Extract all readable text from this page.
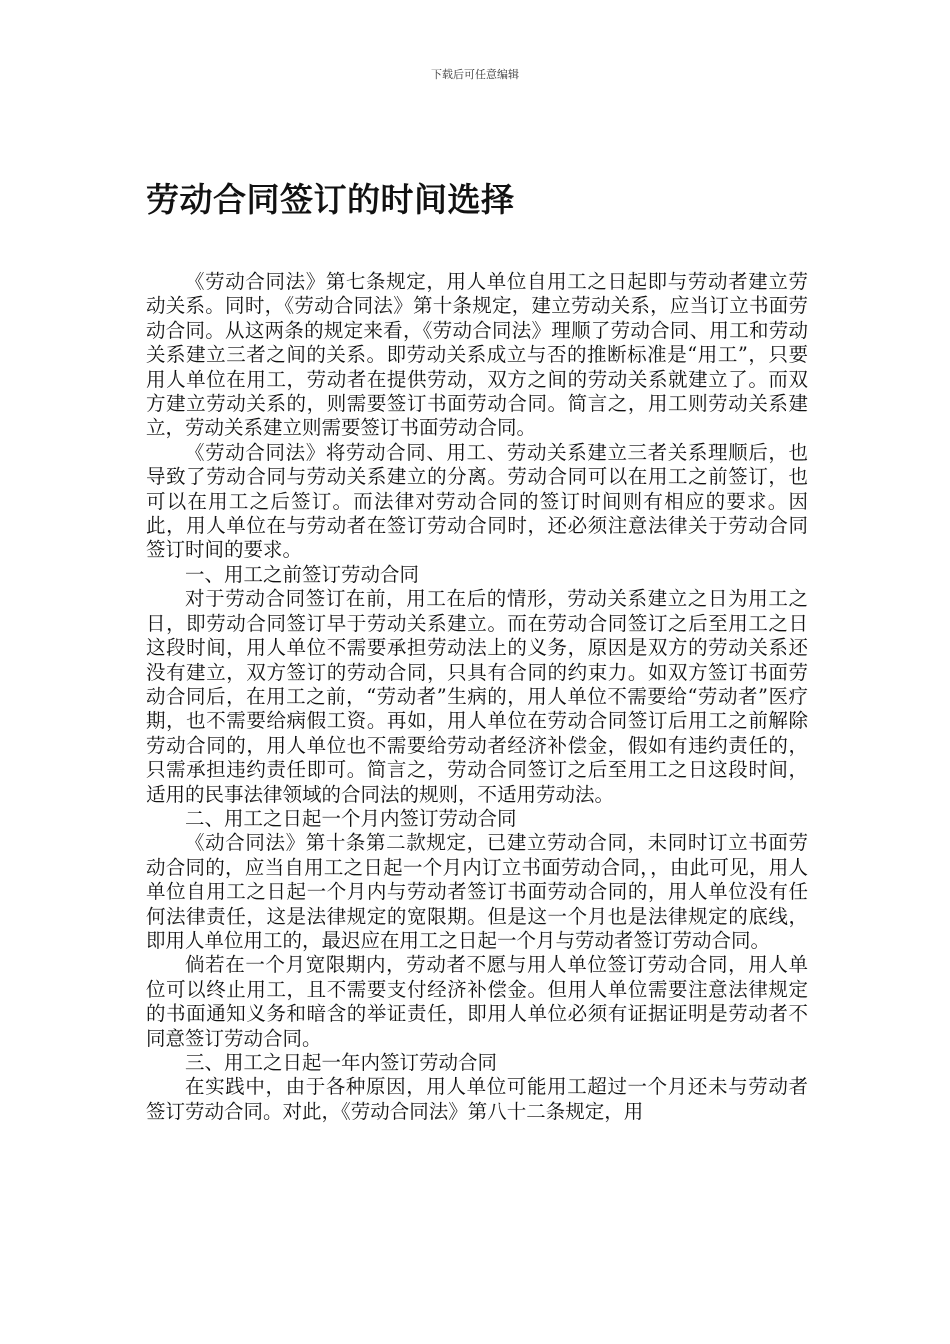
下载后可任意编辑
劳动合同签订的时间选择

《劳动合同法》第七条规定，用人单位自用工之日起即与劳动者建立劳动关系。同时，《劳动合同法》第十条规定，建立劳动关系，应当订立书面劳动合同。从这两条的规定来看，《劳动合同法》理顺了劳动合同、用工和劳动关系建立三者之间的关系。即劳动关系成立与否的推断标准是“用工”，只要用人单位在用工，劳动者在提供劳动，双方之间的劳动关系就建立了。而双方建立劳动关系的，则需要签订书面劳动合同。简言之，用工则劳动关系建立，劳动关系建立则需要签订书面劳动合同。

《劳动合同法》将劳动合同、用工、劳动关系建立三者关系理顺后，也导致了劳动合同与劳动关系建立的分离。劳动合同可以在用工之前签订，也可以在用工之后签订。而法律对劳动合同的签订时间则有相应的要求。因此，用人单位在与劳动者在签订劳动合同时，还必须注意法律关于劳动合同签订时间的要求。

一、用工之前签订劳动合同

对于劳动合同签订在前，用工在后的情形，劳动关系建立之日为用工之日，即劳动合同签订早于劳动关系建立。而在劳动合同签订之后至用工之日这段时间，用人单位不需要承担劳动法上的义务，原因是双方的劳动关系还没有建立，双方签订的劳动合同，只具有合同的约束力。如双方签订书面劳动合同后，在用工之前，“劳动者”生病的，用人单位不需要给“劳动者”医疗期，也不需要给病假工资。再如，用人单位在劳动合同签订后用工之前解除劳动合同的，用人单位也不需要给劳动者经济补偿金，假如有违约责任的，只需承担违约责任即可。简言之，劳动合同签订之后至用工之日这段时间，适用的民事法律领域的合同法的规则，不适用劳动法。

二、用工之日起一个月内签订劳动合同

《动合同法》第十条第二款规定，已建立劳动合同，未同时订立书面劳动合同的，应当自用工之日起一个月内订立书面劳动合同，，由此可见，用人单位自用工之日起一个月内与劳动者签订书面劳动合同的，用人单位没有任何法律责任，这是法律规定的宽限期。但是这一个月也是法律规定的底线，即用人单位用工的，最迟应在用工之日起一个月与劳动者签订劳动合同。

倘若在一个月宽限期内，劳动者不愿与用人单位签订劳动合同，用人单位可以终止用工，且不需要支付经济补偿金。但用人单位需要注意法律规定的书面通知义务和暗含的举证责任，即用人单位必须有证据证明是劳动者不同意签订劳动合同。

三、用工之日起一年内签订劳动合同

在实践中，由于各种原因，用人单位可能用工超过一个月还未与劳动者签订劳动合同。对此，《劳动合同法》第八十二条规定，用
